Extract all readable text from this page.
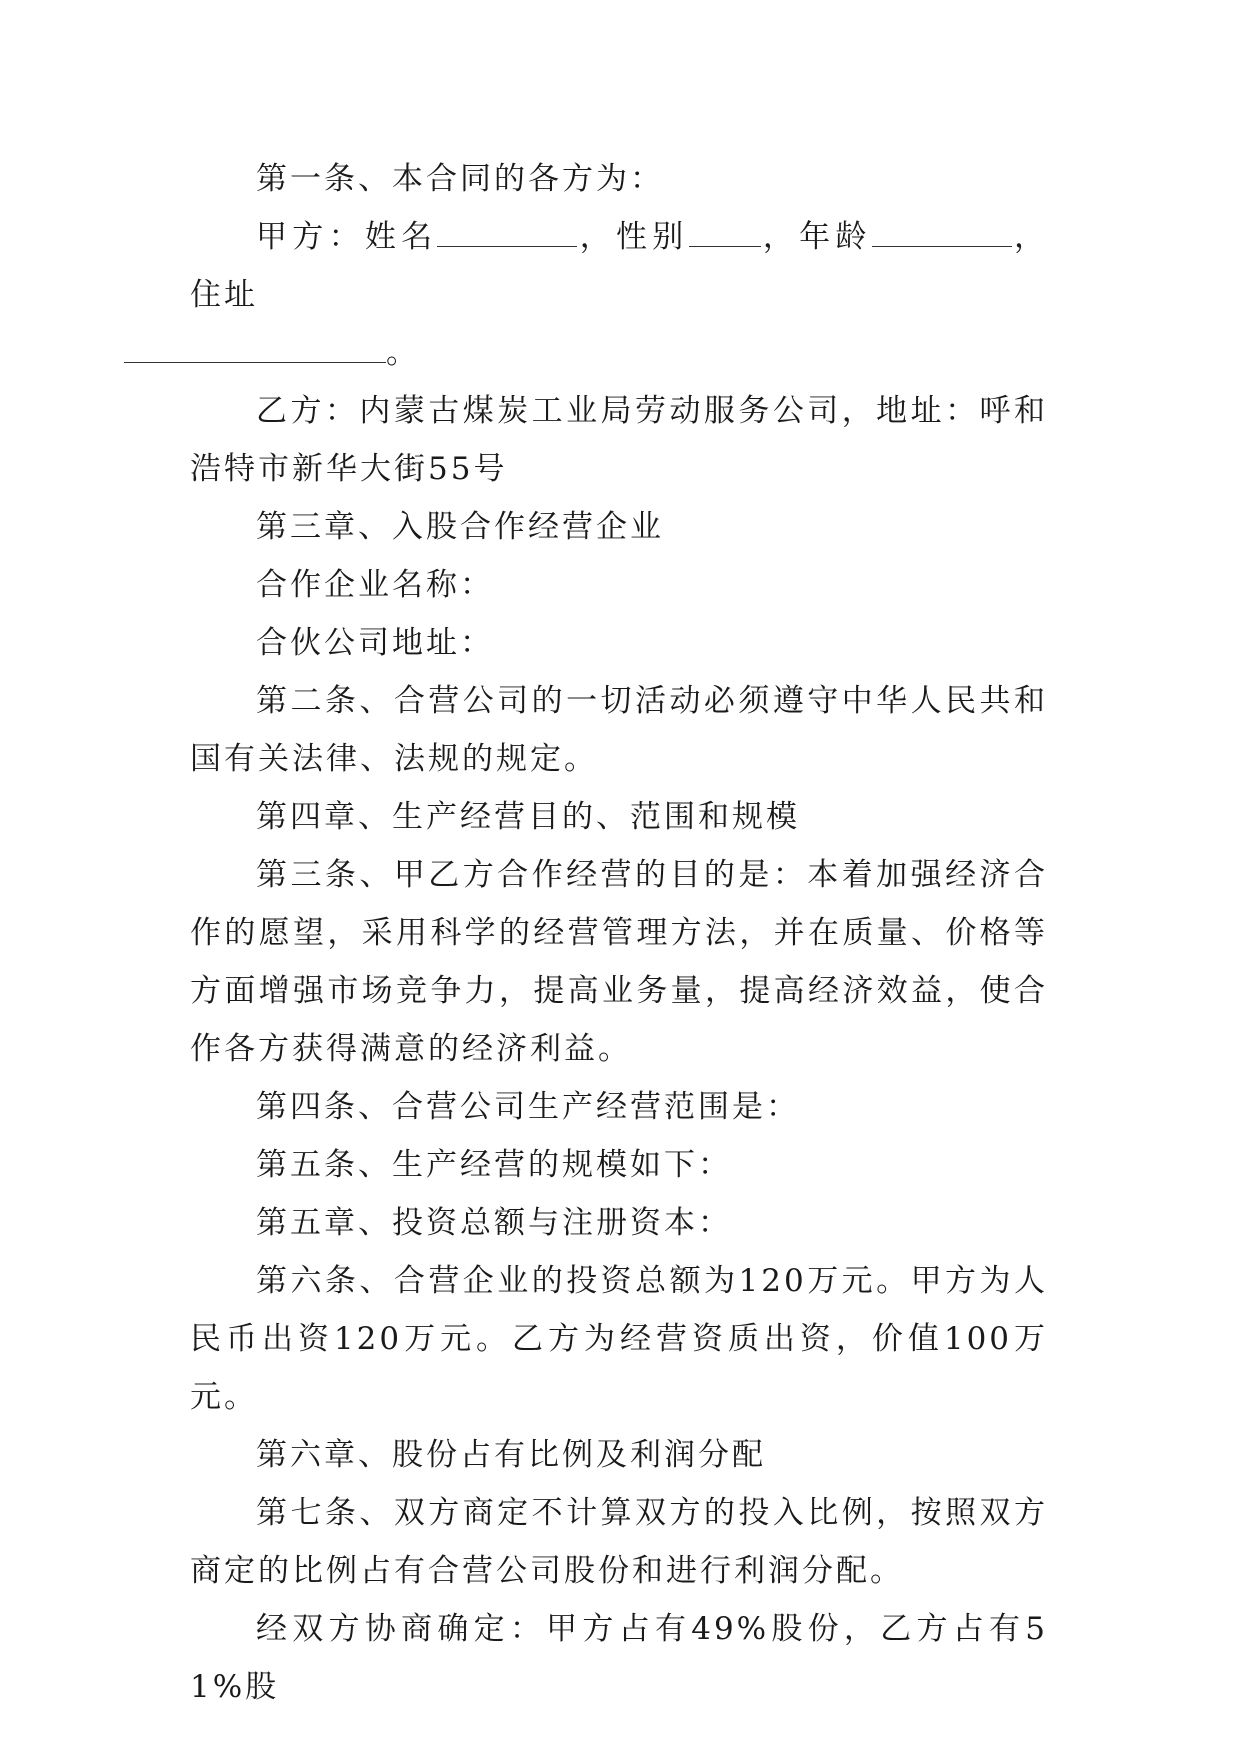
第一条、本合同的各方为：

甲方：姓名	，性别 ，年龄	，住址
。

乙方：内蒙古煤炭工业局劳动服务公司，地址：呼和浩特市新华大街55号

第三章、入股合作经营企业

合作企业名称：

合伙公司地址：

第二条、合营公司的一切活动必须遵守中华人民共和国有关法律、法规的规定。

第四章、生产经营目的、范围和规模

第三条、甲乙方合作经营的目的是：本着加强经济合作的愿望，采用科学的经营管理方法，并在质量、价格等方面增强市场竞争力，提高业务量，提高经济效益，使合作各方获得满意的经济利益。

第四条、合营公司生产经营范围是：

第五条、生产经营的规模如下：

第五章、投资总额与注册资本：

第六条、合营企业的投资总额为120万元。甲方为人民币出资120万元。乙方为经营资质出资，价值100万元。

第六章、股份占有比例及利润分配

第七条、双方商定不计算双方的投入比例，按照双方商定的比例占有合营公司股份和进行利润分配。

经双方协商确定：甲方占有49%股份，乙方占有51%股
